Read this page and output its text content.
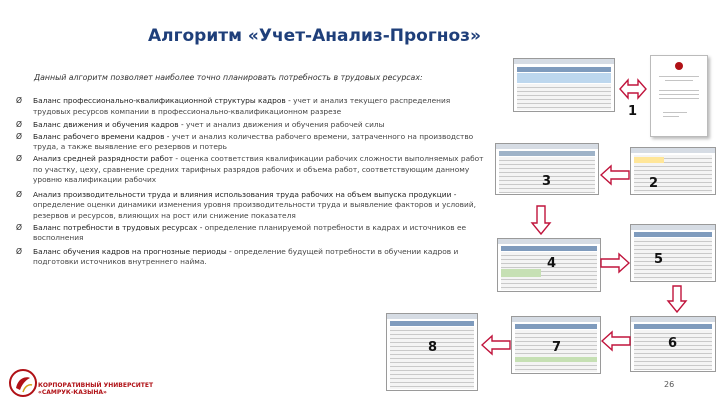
Алгоритм «Учет-Анализ-Прогноз»
Данный алгоритм позволяет наиболее точно планировать потребность в трудовых ресурсах:
Ø Баланс профессионально-квалификационной структуры кадров - учет и анализ текущего распределения трудовых ресурсов компании в профессионально-квалификационном разрезе
Ø Баланс движения и обучения кадров - учет и анализ движения и обучения рабочей силы
Ø Баланс рабочего времени кадров - учет и анализ количества рабочего времени, затраченного на производство труда, а также выявление его резервов и потерь
Ø Анализ средней разрядности работ - оценка соответствия квалификации рабочих сложности выполняемых работ по участку, цеху, сравнение средних тарифных разрядов рабочих и объема работ, соответствующим данному уровню квалификации рабочих
Ø Анализ производительности труда и влияния использования труда рабочих на объем выпуска продукции - определение оценки динамики изменения уровня производительности труда и выявление факторов и условий, резервов и ресурсов, влияющих на рост или снижение показателя
Ø Баланс потребности в трудовых ресурсах - определение планируемой потребности в кадрах и источников ее восполнения
Ø Баланс обучения кадров на прогнозные периоды - определение будущей потребности в обучении кадров и подготовки источников внутреннего найма.
1
3	2
4	5
6
7
8
КОРПОРАТИВНЫЙ УНИВЕРСИТЕТ
«САМРУК-КАЗЫНА»
26
